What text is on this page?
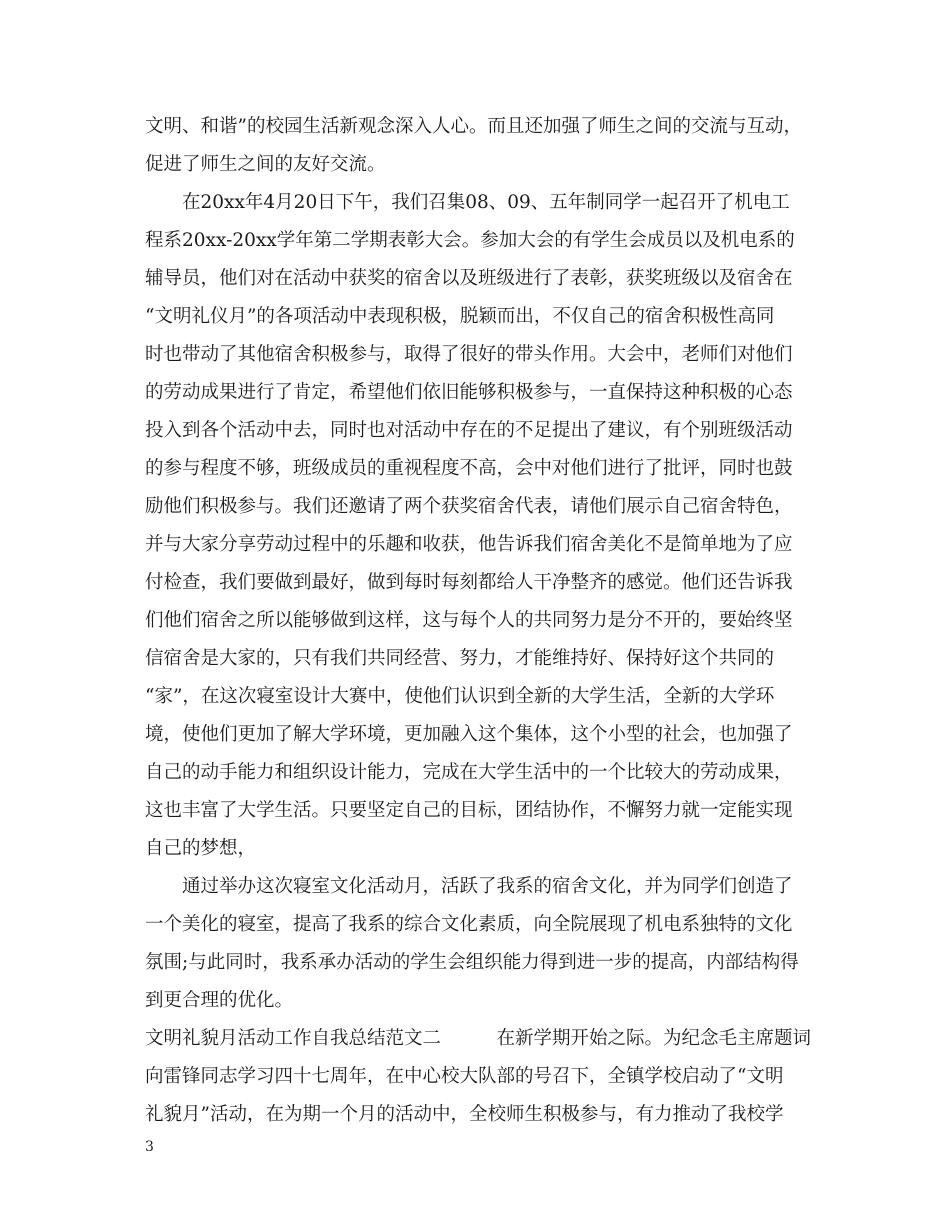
文明、和谐”的校园生活新观念深入人心。而且还加强了师生之间的交流与互动，
促进了师生之间的友好交流。
　　在20xx年4月20日下午，我们召集08、09、五年制同学一起召开了机电工
程系20xx-20xx学年第二学期表彰大会。参加大会的有学生会成员以及机电系的
辅导员，他们对在活动中获奖的宿舍以及班级进行了表彰，获奖班级以及宿舍在
“文明礼仪月”的各项活动中表现积极，脱颖而出，不仅自己的宿舍积极性高同
时也带动了其他宿舍积极参与，取得了很好的带头作用。大会中，老师们对他们
的劳动成果进行了肯定，希望他们依旧能够积极参与，一直保持这种积极的心态
投入到各个活动中去，同时也对活动中存在的不足提出了建议，有个别班级活动
的参与程度不够，班级成员的重视程度不高，会中对他们进行了批评，同时也鼓
励他们积极参与。我们还邀请了两个获奖宿舍代表，请他们展示自己宿舍特色，
并与大家分享劳动过程中的乐趣和收获，他告诉我们宿舍美化不是简单地为了应
付检查，我们要做到最好，做到每时每刻都给人干净整齐的感觉。他们还告诉我
们他们宿舍之所以能够做到这样，这与每个人的共同努力是分不开的，要始终坚
信宿舍是大家的，只有我们共同经营、努力，才能维持好、保持好这个共同的
“家”，在这次寝室设计大赛中，使他们认识到全新的大学生活，全新的大学环
境，使他们更加了解大学环境，更加融入这个集体，这个小型的社会，也加强了
自己的动手能力和组织设计能力，完成在大学生活中的一个比较大的劳动成果，
这也丰富了大学生活。只要坚定自己的目标，团结协作，不懈努力就一定能实现
自己的梦想，
　　通过举办这次寝室文化活动月，活跃了我系的宿舍文化，并为同学们创造了
一个美化的寝室，提高了我系的综合文化素质，向全院展现了机电系独特的文化
氛围;与此同时，我系承办活动的学生会组织能力得到进一步的提高，内部结构得
到更合理的优化。
文明礼貌月活动工作自我总结范文二　　　在新学期开始之际。为纪念毛主席题词
向雷锋同志学习四十七周年，在中心校大队部的号召下，全镇学校启动了“文明
礼貌月”活动，在为期一个月的活动中，全校师生积极参与，有力推动了我校学
3
